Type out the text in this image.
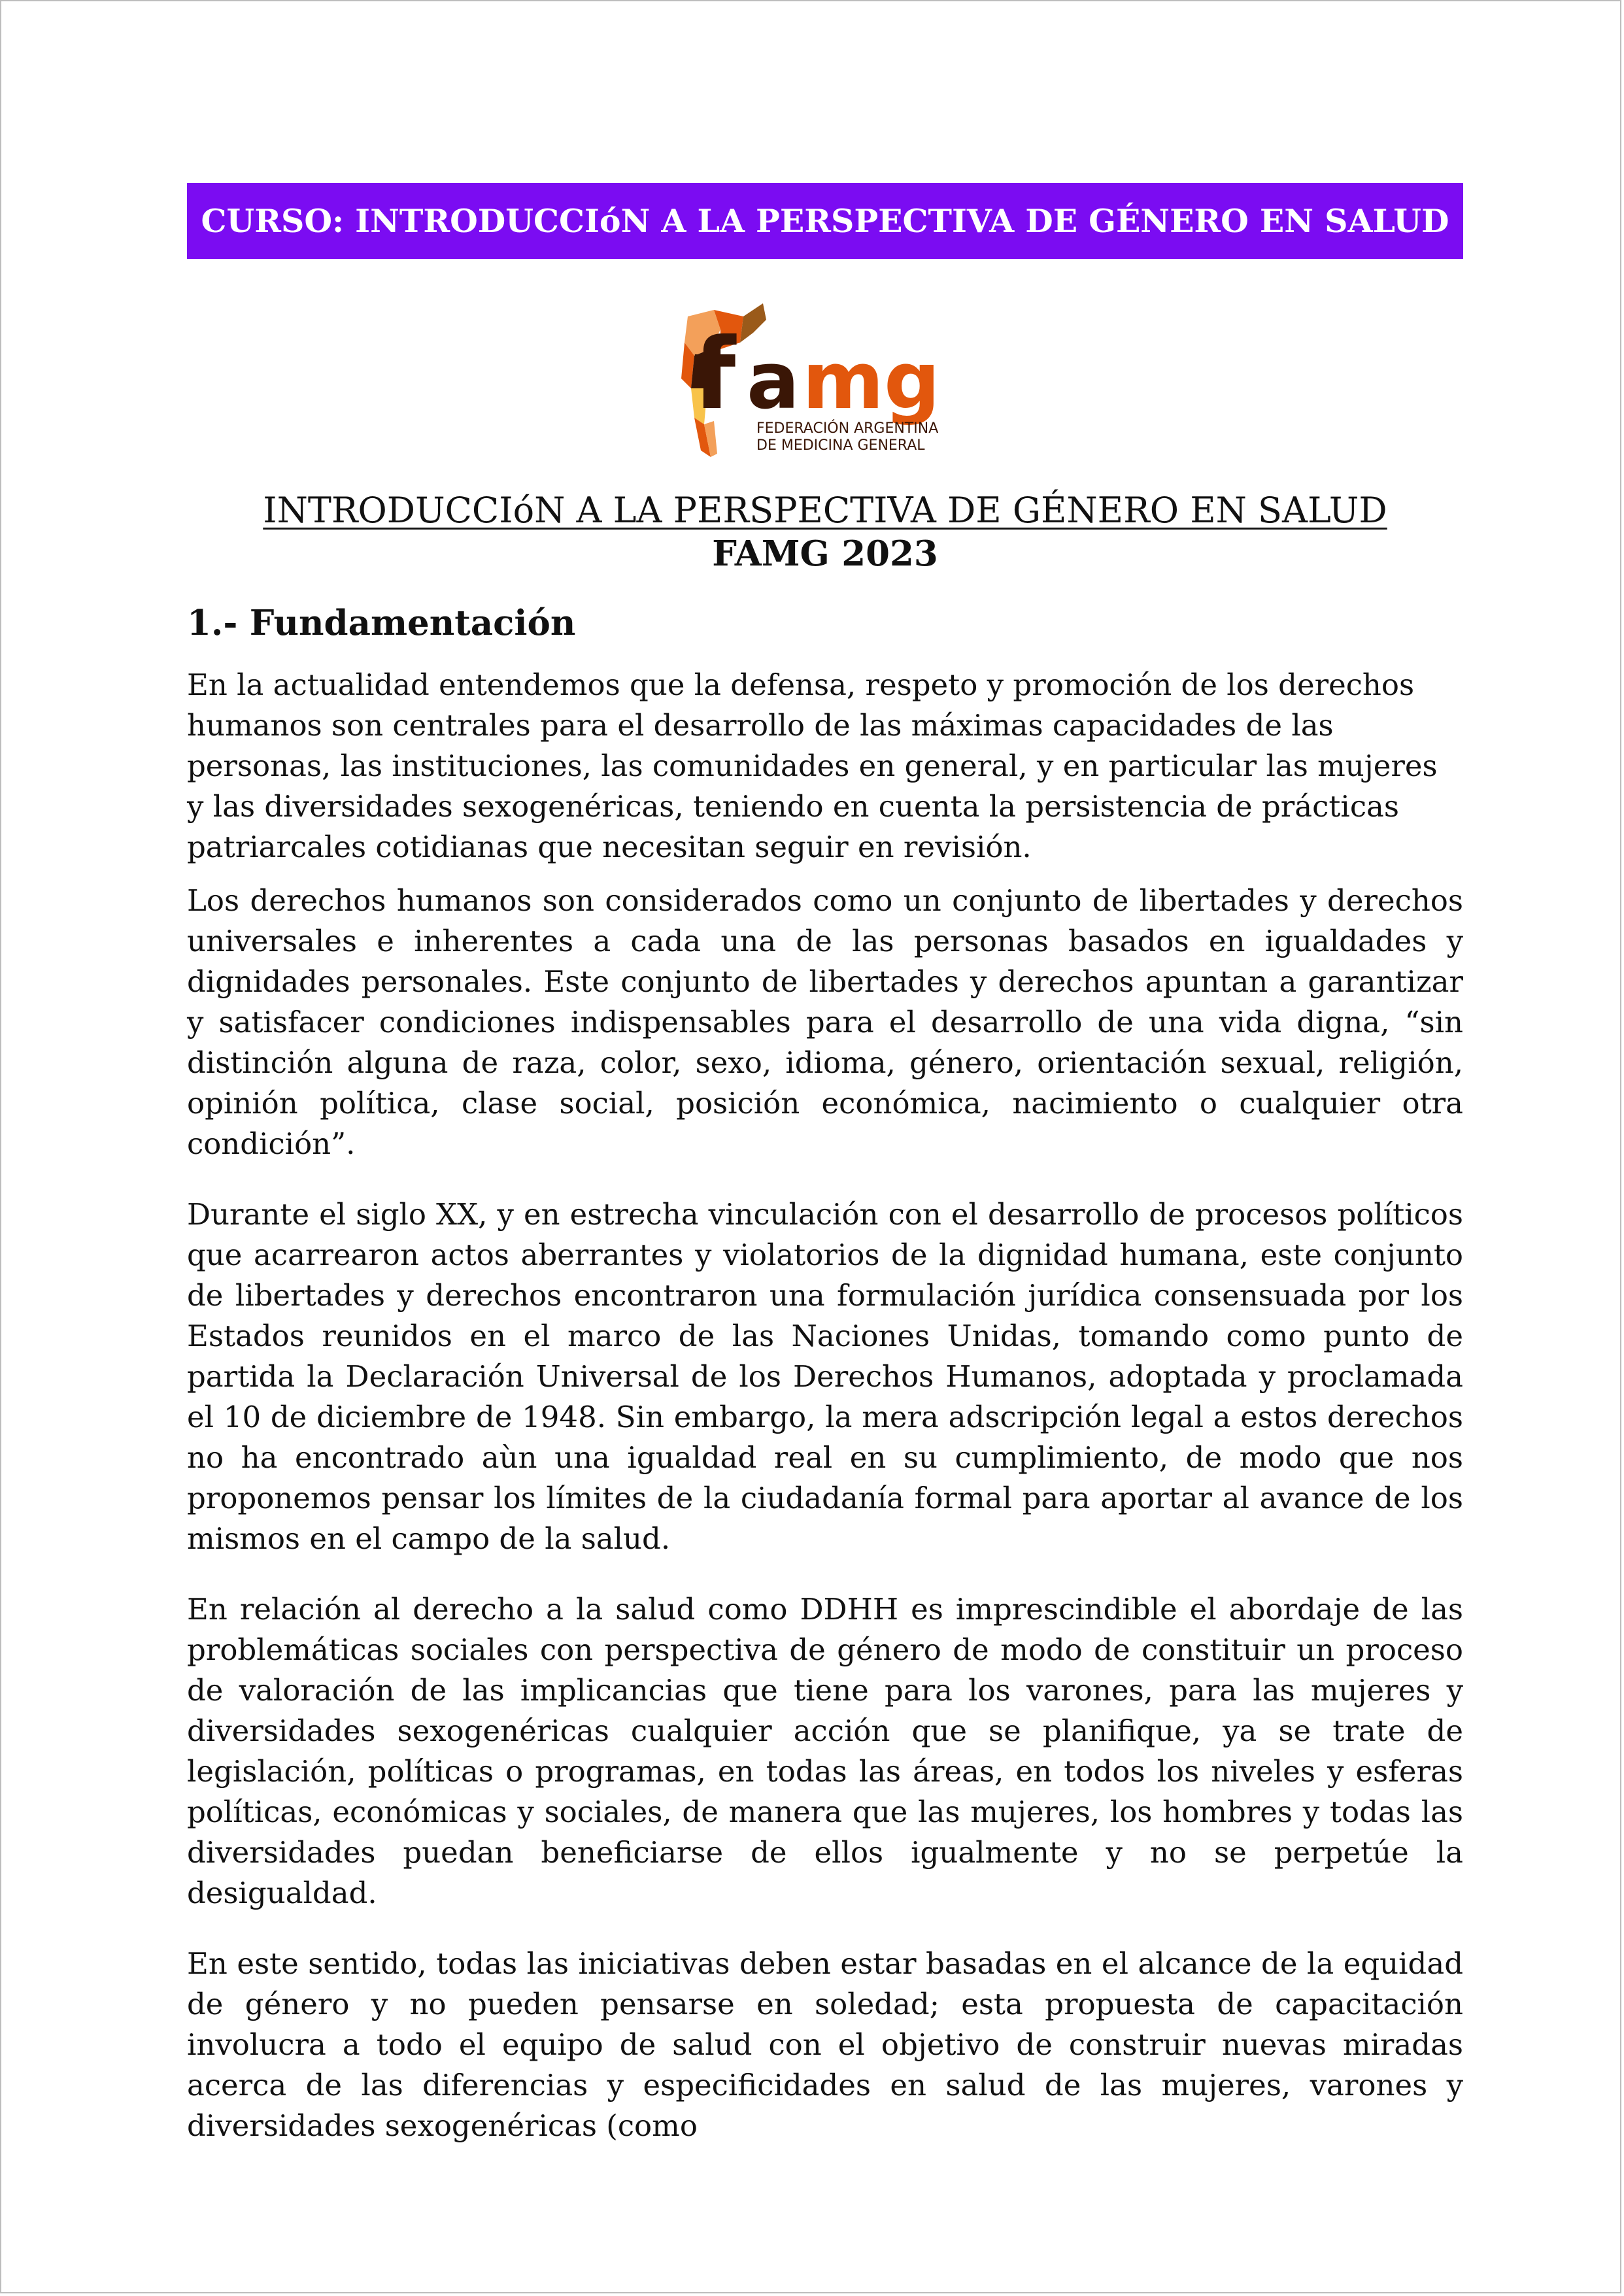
CURSO: INTRODUCCIóN A LA PERSPECTIVA DE GÉNERO EN SALUD
f a mg
FEDERACIÓN ARGENTINA
DE MEDICINA GENERAL
INTRODUCCIóN A LA PERSPECTIVA DE GÉNERO EN SALUD
FAMG 2023
1.- Fundamentación

En la actualidad entendemos que la defensa, respeto y promoción de los derechos humanos son centrales para el desarrollo de las máximas capacidades de las personas, las instituciones, las comunidades en general, y en particular las mujeres y las diversidades sexogenéricas, teniendo en cuenta la persistencia de prácticas patriarcales cotidianas que necesitan seguir en revisión.

Los derechos humanos son considerados como un conjunto de libertades y derechos universales e inherentes a cada una de las personas basados en igualdades y dignidades personales. Este conjunto de libertades y derechos apuntan a garantizar y satisfacer condiciones indispensables para el desarrollo de una vida digna, “sin distinción alguna de raza, color, sexo, idioma, género, orientación sexual, religión, opinión política, clase social, posición económica, nacimiento o cualquier otra condición”.

Durante el siglo XX, y en estrecha vinculación con el desarrollo de procesos políticos que acarrearon actos aberrantes y violatorios de la dignidad humana, este conjunto de libertades y derechos encontraron una formulación jurídica consensuada por los Estados reunidos en el marco de las Naciones Unidas, tomando como punto de partida la Declaración Universal de los Derechos Humanos, adoptada y proclamada el 10 de diciembre de 1948. Sin embargo, la mera adscripción legal a estos derechos no ha encontrado aùn una igualdad real en su cumplimiento, de modo que nos proponemos pensar los límites de la ciudadanía formal para aportar al avance de los mismos en el campo de la salud.

En relación al derecho a la salud como DDHH es imprescindible el abordaje de las problemáticas sociales con perspectiva de género de modo de constituir un proceso de valoración de las implicancias que tiene para los varones, para las mujeres y diversidades sexogenéricas cualquier acción que se planifique, ya se trate de legislación, políticas o programas, en todas las áreas, en todos los niveles y esferas políticas, económicas y sociales, de manera que las mujeres, los hombres y todas las diversidades puedan beneficiarse de ellos igualmente y no se perpetúe la desigualdad.

En este sentido, todas las iniciativas deben estar basadas en el alcance de la equidad de género y no pueden pensarse en soledad; esta propuesta de capacitación involucra a todo el equipo de salud con el objetivo de construir nuevas miradas acerca de las diferencias y especificidades en salud de las mujeres, varones y diversidades sexogenéricas (como
